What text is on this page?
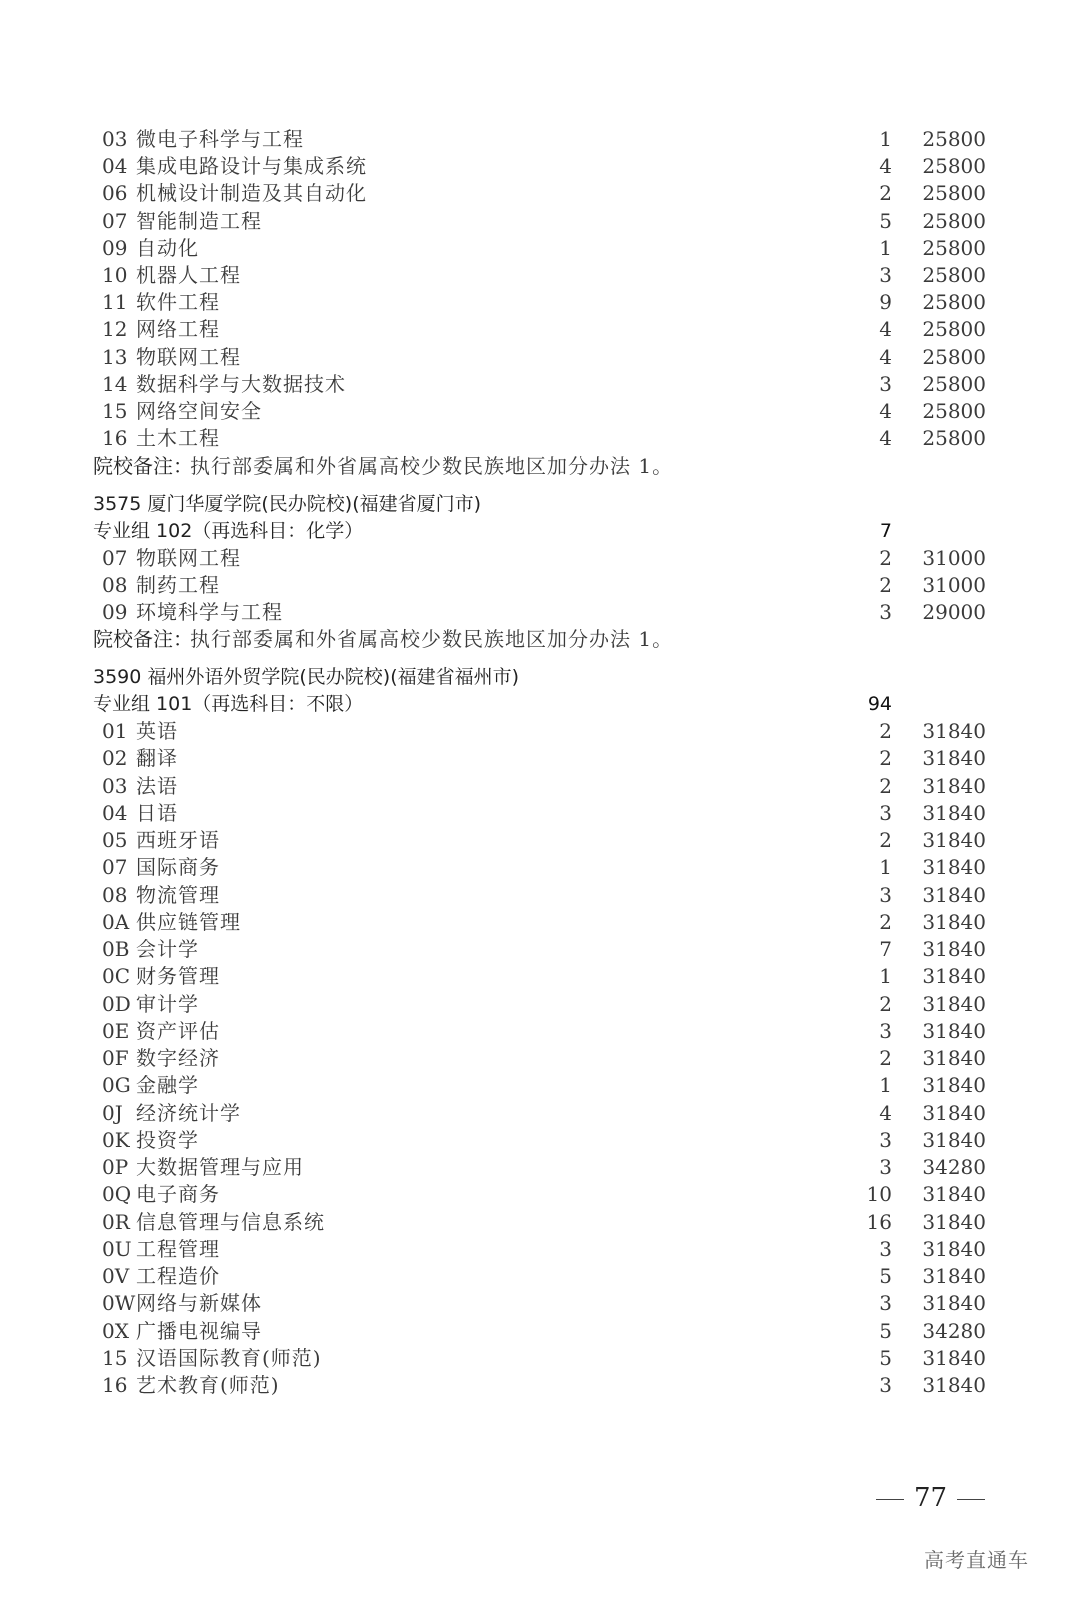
03 微电子科学与工程	1 25800
04 集成电路设计与集成系统	4 25800
06 机械设计制造及其自动化	2 25800
07 智能制造工程	5 25800
09 自动化	1 25800
10 机器人工程	3 25800
11 软件工程	9 25800
12 网络工程	4 25800
13 物联网工程	4 25800
14 数据科学与大数据技术	3 25800
15 网络空间安全	4 25800
16 土木工程	4 25800
院校备注：
执行部委属和外省属高校少数民族地区加分办法 1。
3575 厦门华厦学院(民办院校)(福建省厦门市)
专业组 102（再选科目：化学）	7
07 物联网工程	2 31000
08 制药工程	2 31000
09 环境科学与工程	3 29000
院校备注：
执行部委属和外省属高校少数民族地区加分办法 1。
3590 福州外语外贸学院(民办院校)(福建省福州市)
专业组 101（再选科目：不限）	94
01 英语	2 31840
02 翻译	2 31840
03 法语	2 31840
04 日语	3 31840
05 西班牙语	2 31840
07 国际商务	1 31840
08 物流管理	3 31840
0A 供应链管理	2 31840
0B 会计学	7 31840
0C 财务管理	1 31840
0D 审计学	2 31840
0E 资产评估	3 31840
0F 数字经济	2 31840
0G 金融学	1 31840
0J 经济统计学	4 31840
0K 投资学	3 31840
0P 大数据管理与应用	3 34280
0Q 电子商务	10 31840
0R 信息管理与信息系统	16 31840
0U 工程管理	3 31840
0V 工程造价	5 31840
0W 网络与新媒体	3 31840
0X 广播电视编导	5 34280
15 汉语国际教育(师范)	5 31840
16 艺术教育(师范)	3 31840
77
高考直通车
